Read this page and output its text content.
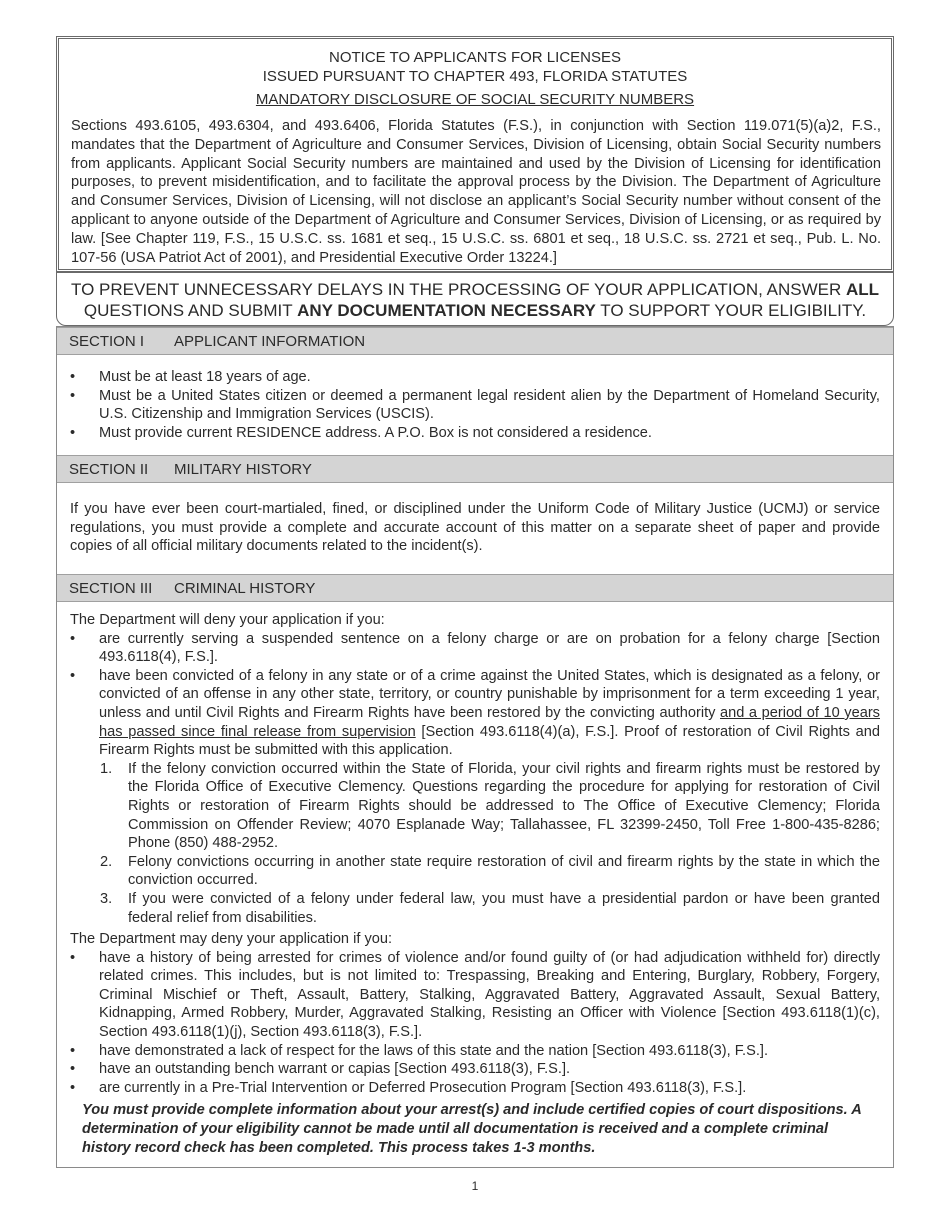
NOTICE TO APPLICANTS FOR LICENSES
ISSUED PURSUANT TO CHAPTER 493, FLORIDA STATUTES
MANDATORY DISCLOSURE OF SOCIAL SECURITY NUMBERS
Sections 493.6105, 493.6304, and 493.6406, Florida Statutes (F.S.), in conjunction with Section 119.071(5)(a)2, F.S., mandates that the Department of Agriculture and Consumer Services, Division of Licensing, obtain Social Security numbers from applicants. Applicant Social Security numbers are maintained and used by the Division of Licensing for identification purposes, to prevent misidentification, and to facilitate the approval process by the Division. The Department of Agriculture and Consumer Services, Division of Licensing, will not disclose an applicant’s Social Security number without consent of the applicant to anyone outside of the Department of Agriculture and Consumer Services, Division of Licensing, or as required by law. [See Chapter 119, F.S., 15 U.S.C. ss. 1681 et seq., 15 U.S.C. ss. 6801 et seq., 18 U.S.C. ss. 2721 et seq., Pub. L. No. 107-56 (USA Patriot Act of 2001), and Presidential Executive Order 13224.]
TO PREVENT UNNECESSARY DELAYS IN THE PROCESSING OF YOUR APPLICATION, ANSWER ALL QUESTIONS AND SUBMIT ANY DOCUMENTATION NECESSARY TO SUPPORT YOUR ELIGIBILITY.
SECTION I APPLICANT INFORMATION
• Must be at least 18 years of age.
• Must be a United States citizen or deemed a permanent legal resident alien by the Department of Homeland Security, U.S. Citizenship and Immigration Services (USCIS).
• Must provide current RESIDENCE address. A P.O. Box is not considered a residence.
SECTION II MILITARY HISTORY
If you have ever been court-martialed, fined, or disciplined under the Uniform Code of Military Justice (UCMJ) or service regulations, you must provide a complete and accurate account of this matter on a separate sheet of paper and provide copies of all official military documents related to the incident(s).
SECTION III CRIMINAL HISTORY
The Department will deny your application if you:
• are currently serving a suspended sentence on a felony charge or are on probation for a felony charge [Section 493.6118(4), F.S.].
• have been convicted of a felony in any state or of a crime against the United States, which is designated as a felony, or convicted of an offense in any other state, territory, or country punishable by imprisonment for a term exceeding 1 year, unless and until Civil Rights and Firearm Rights have been restored by the convicting authority and a period of 10 years has passed since final release from supervision [Section 493.6118(4)(a), F.S.]. Proof of restoration of Civil Rights and Firearm Rights must be submitted with this application.
1. If the felony conviction occurred within the State of Florida, your civil rights and firearm rights must be restored by the Florida Office of Executive Clemency. Questions regarding the procedure for applying for restoration of Civil Rights or restoration of Firearm Rights should be addressed to The Office of Executive Clemency; Florida Commission on Offender Review; 4070 Esplanade Way; Tallahassee, FL 32399-2450, Toll Free 1-800-435-8286; Phone (850) 488-2952.
2. Felony convictions occurring in another state require restoration of civil and firearm rights by the state in which the conviction occurred.
3. If you were convicted of a felony under federal law, you must have a presidential pardon or have been granted federal relief from disabilities.
The Department may deny your application if you:
• have a history of being arrested for crimes of violence and/or found guilty of (or had adjudication withheld for) directly related crimes. This includes, but is not limited to: Trespassing, Breaking and Entering, Burglary, Robbery, Forgery, Criminal Mischief or Theft, Assault, Battery, Stalking, Aggravated Battery, Aggravated Assault, Sexual Battery, Kidnapping, Armed Robbery, Murder, Aggravated Stalking, Resisting an Officer with Violence [Section 493.6118(1)(c), Section 493.6118(1)(j), Section 493.6118(3), F.S.].
• have demonstrated a lack of respect for the laws of this state and the nation [Section 493.6118(3), F.S.].
• have an outstanding bench warrant or capias [Section 493.6118(3), F.S.].
• are currently in a Pre-Trial Intervention or Deferred Prosecution Program [Section 493.6118(3), F.S.].
You must provide complete information about your arrest(s) and include certified copies of court dispositions. A determination of your eligibility cannot be made until all documentation is received and a complete criminal history record check has been completed. This process takes 1-3 months.
1
